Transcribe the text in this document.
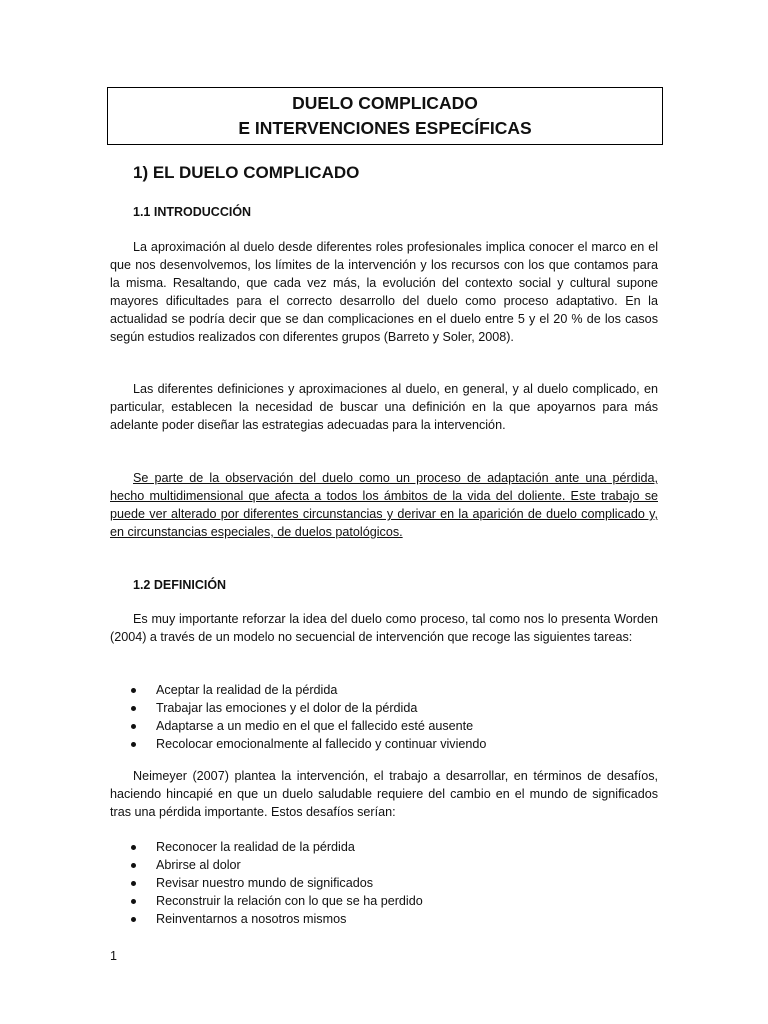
DUELO COMPLICADO
E INTERVENCIONES ESPECÍFICAS
1) EL DUELO COMPLICADO
1.1 INTRODUCCIÓN

La aproximación al duelo desde diferentes roles profesionales implica conocer el marco en el que nos desenvolvemos, los límites de la intervención y los recursos con los que contamos para la misma. Resaltando, que cada vez más, la evolución del contexto social y cultural supone mayores dificultades para el correcto desarrollo del duelo como proceso adaptativo. En la actualidad se podría decir que se dan complicaciones en el duelo entre 5 y el 20 % de los casos según estudios realizados con diferentes grupos (Barreto y Soler, 2008).

Las diferentes definiciones y aproximaciones al duelo, en general, y al duelo complicado, en particular, establecen la necesidad de buscar una definición en la que apoyarnos para más adelante poder diseñar las estrategias adecuadas para la intervención.

Se parte de la observación del duelo como un proceso de adaptación ante una pérdida, hecho multidimensional que afecta a todos los ámbitos de la vida del doliente. Este trabajo se puede ver alterado por diferentes circunstancias y derivar en la aparición de duelo complicado y, en circunstancias especiales, de duelos patológicos.

1.2 DEFINICIÓN

Es muy importante reforzar la idea del duelo como proceso, tal como nos lo presenta Worden (2004) a través de un modelo no secuencial de intervención que recoge las siguientes tareas:

Aceptar la realidad de la pérdida
Trabajar las emociones y el dolor de la pérdida
Adaptarse a un medio en el que el fallecido esté ausente
Recolocar emocionalmente al fallecido y continuar viviendo

Neimeyer (2007) plantea la intervención, el trabajo a desarrollar, en términos de desafíos, haciendo hincapié en que un duelo saludable requiere del cambio en el mundo de significados tras una pérdida importante. Estos desafíos serían:

Reconocer la realidad de la pérdida
Abrirse al dolor
Revisar nuestro mundo de significados
Reconstruir la relación con lo que se ha perdido
Reinventarnos a nosotros mismos
1
